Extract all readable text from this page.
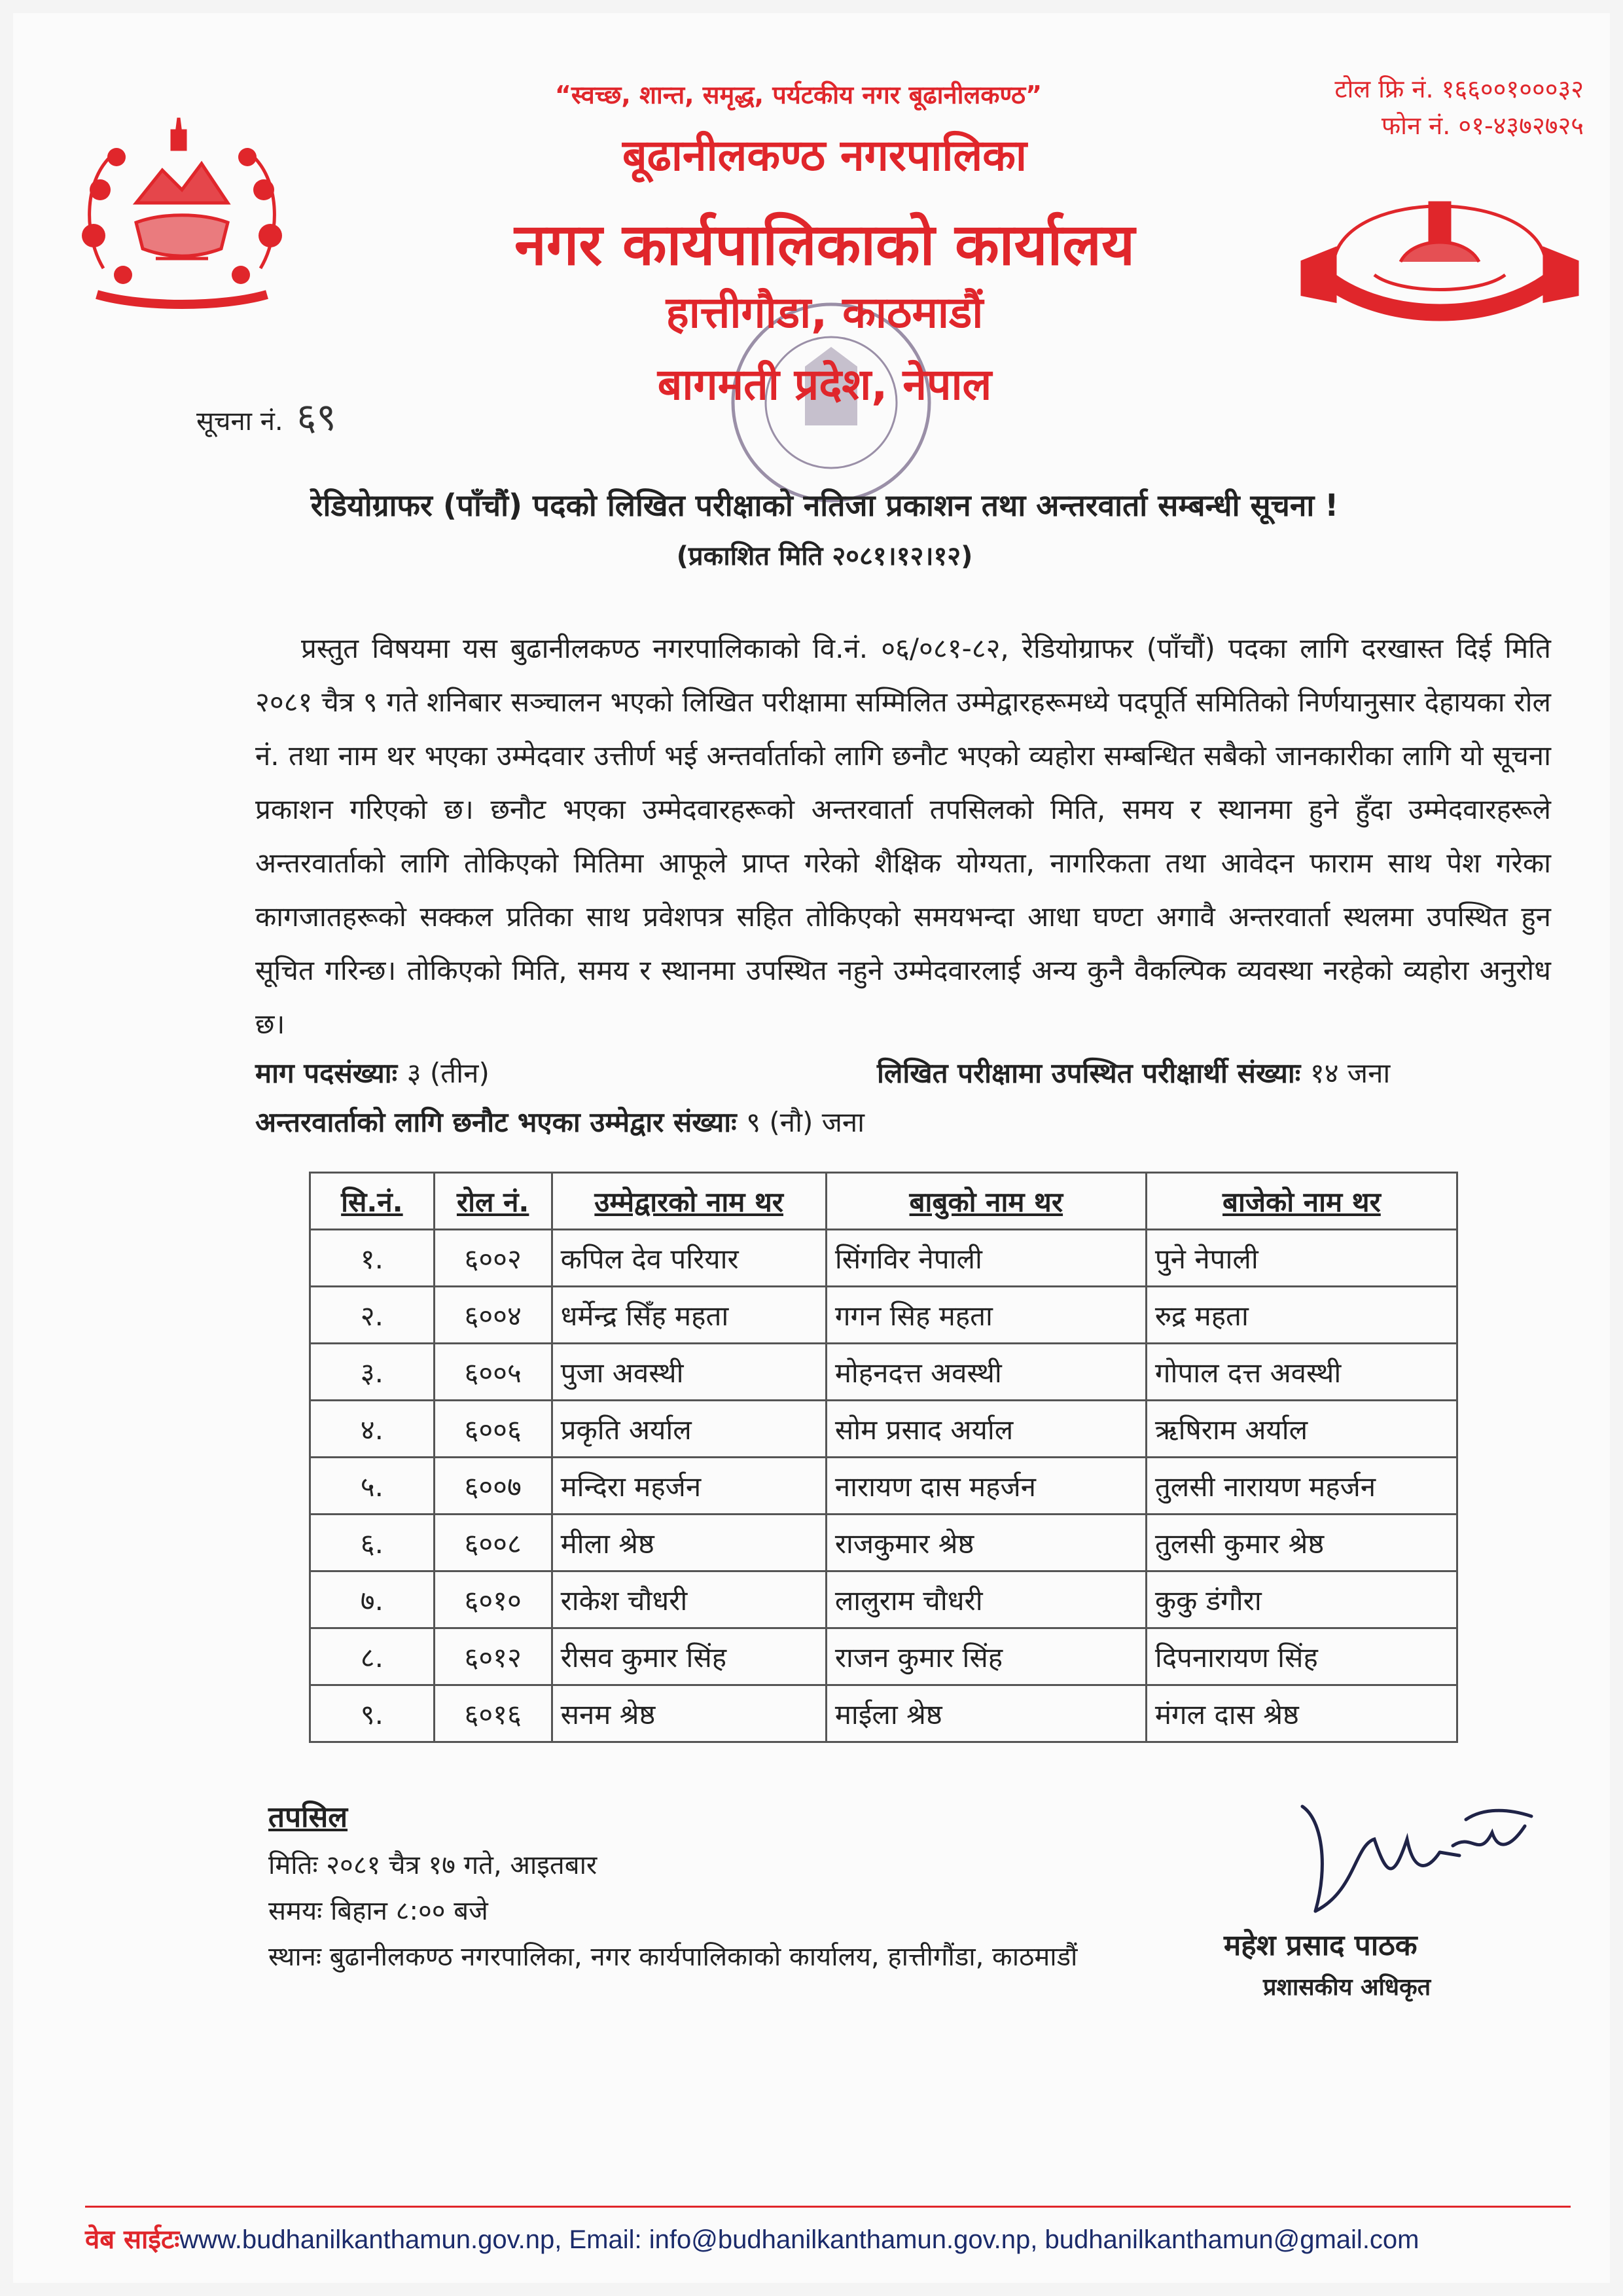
“स्वच्छ, शान्त, समृद्ध, पर्यटकीय नगर बूढानीलकण्ठ”	टोल फ्रि नं. १६६००१०००३२
फोन नं. ०१-४३७२७२५
बूढानीलकण्ठ नगरपालिका
नगर कार्यपालिकाको कार्यालय
हात्तीगौडा, काठमाडौं
बागमती प्रदेश, नेपाल
सूचना नं. ६९
रेडियोग्राफर (पाँचौं) पदको लिखित परीक्षाको नतिजा प्रकाशन तथा अन्तरवार्ता सम्बन्धी सूचना !
(प्रकाशित मिति २०८१।१२।१२)
प्रस्तुत विषयमा यस बुढानीलकण्ठ नगरपालिकाको वि.नं. ०६/०८१-८२, रेडियोग्राफर (पाँचौं) पदका लागि दरखास्त दिई मिति २०८१ चैत्र ९ गते शनिबार सञ्चालन भएको लिखित परीक्षामा सम्मिलित उम्मेद्वारहरूमध्ये पदपूर्ति समितिको निर्णयानुसार देहायका रोल नं. तथा नाम थर भएका उम्मेदवार उत्तीर्ण भई अन्तर्वार्ताको लागि छनौट भएको व्यहोरा सम्बन्धित सबैको जानकारीका लागि यो सूचना प्रकाशन गरिएको छ। छनौट भएका उम्मेदवारहरूको अन्तरवार्ता तपसिलको मिति, समय र स्थानमा हुने हुँदा उम्मेदवारहरूले अन्तरवार्ताको लागि तोकिएको मितिमा आफूले प्राप्त गरेको शैक्षिक योग्यता, नागरिकता तथा आवेदन फाराम साथ पेश गरेका कागजातहरूको सक्कल प्रतिका साथ प्रवेशपत्र सहित तोकिएको समयभन्दा आधा घण्टा अगावै अन्तरवार्ता स्थलमा उपस्थित हुन सूचित गरिन्छ। तोकिएको मिति, समय र स्थानमा उपस्थित नहुने उम्मेदवारलाई अन्य कुनै वैकल्पिक व्यवस्था नरहेको व्यहोरा अनुरोध छ।
माग पदसंख्याः ३ (तीन)	लिखित परीक्षामा उपस्थित परीक्षार्थी संख्याः १४ जना
अन्तरवार्ताको लागि छनौट भएका उम्मेद्वार संख्याः ९ (नौ) जना
सि.नं.	रोल नं.	उम्मेद्वारको नाम थर	बाबुको नाम थर	बाजेको नाम थर
१.	६००२	कपिल देव परियार	सिंगविर नेपाली	पुने नेपाली
२.	६००४	धर्मेन्द्र सिँह महता	गगन सिह महता	रुद्र महता
३.	६००५	पुजा अवस्थी	मोहनदत्त अवस्थी	गोपाल दत्त अवस्थी
४.	६००६	प्रकृति अर्याल	सोम प्रसाद अर्याल	ऋषिराम अर्याल
५.	६००७	मन्दिरा महर्जन	नारायण दास महर्जन	तुलसी नारायण महर्जन
६.	६००८	मीला श्रेष्ठ	राजकुमार श्रेष्ठ	तुलसी कुमार श्रेष्ठ
७.	६०१०	राकेश चौधरी	लालुराम चौधरी	कुकु डंगौरा
८.	६०१२	रीसव कुमार सिंह	राजन कुमार सिंह	दिपनारायण सिंह
९.	६०१६	सनम श्रेष्ठ	माईला श्रेष्ठ	मंगल दास श्रेष्ठ
तपसिल
मितिः २०८१ चैत्र १७ गते, आइतबार
समयः बिहान ८:०० बजे
स्थानः बुढानीलकण्ठ नगरपालिका, नगर कार्यपालिकाको कार्यालय, हात्तीगौंडा, काठमाडौं	महेश प्रसाद पाठक
प्रशासकीय अधिकृत
वेब साईटःwww.budhanilkanthamun.gov.np, Email: info@budhanilkanthamun.gov.np, budhanilkanthamun@gmail.com
